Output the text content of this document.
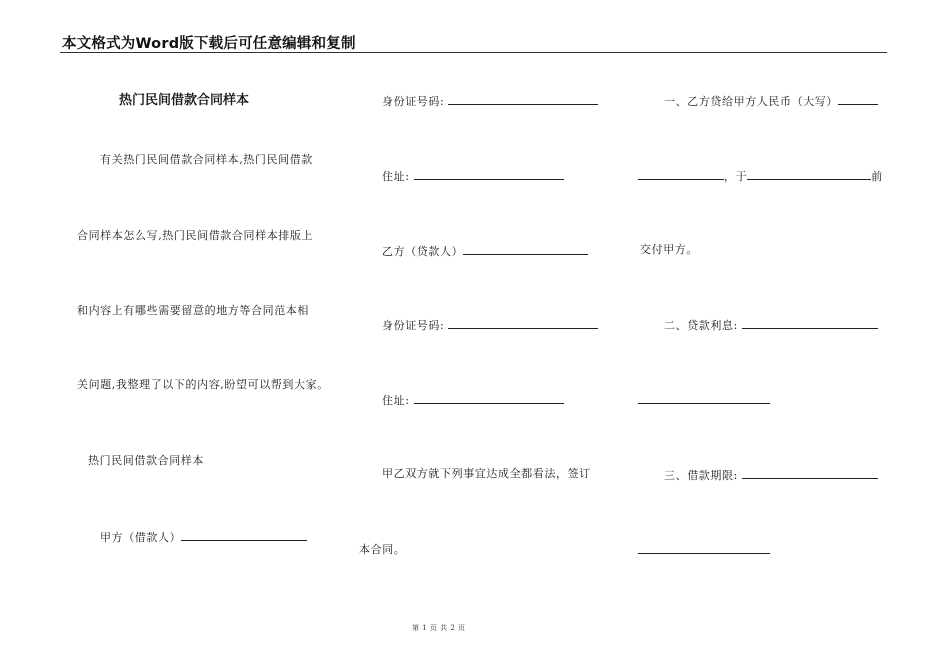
本文格式为Word版下载后可任意编辑和复制
热门民间借款合同样本
有关热门民间借款合同样本,热门民间借款
合同样本怎么写,热门民间借款合同样本排版上
和内容上有哪些需要留意的地方等合同范本相
关问题,我整理了以下的内容,盼望可以帮到大家。
热门民间借款合同样本
甲方（借款人）
身份证号码:
住址:
乙方（贷款人）
身份证号码:
住址:
甲乙双方就下列事宜达成全都看法，签订
本合同。
一、乙方贷给甲方人民币（大写）
，于	前
交付甲方。
二、贷款利息:
三、借款期限:
第 1 页 共 2 页
